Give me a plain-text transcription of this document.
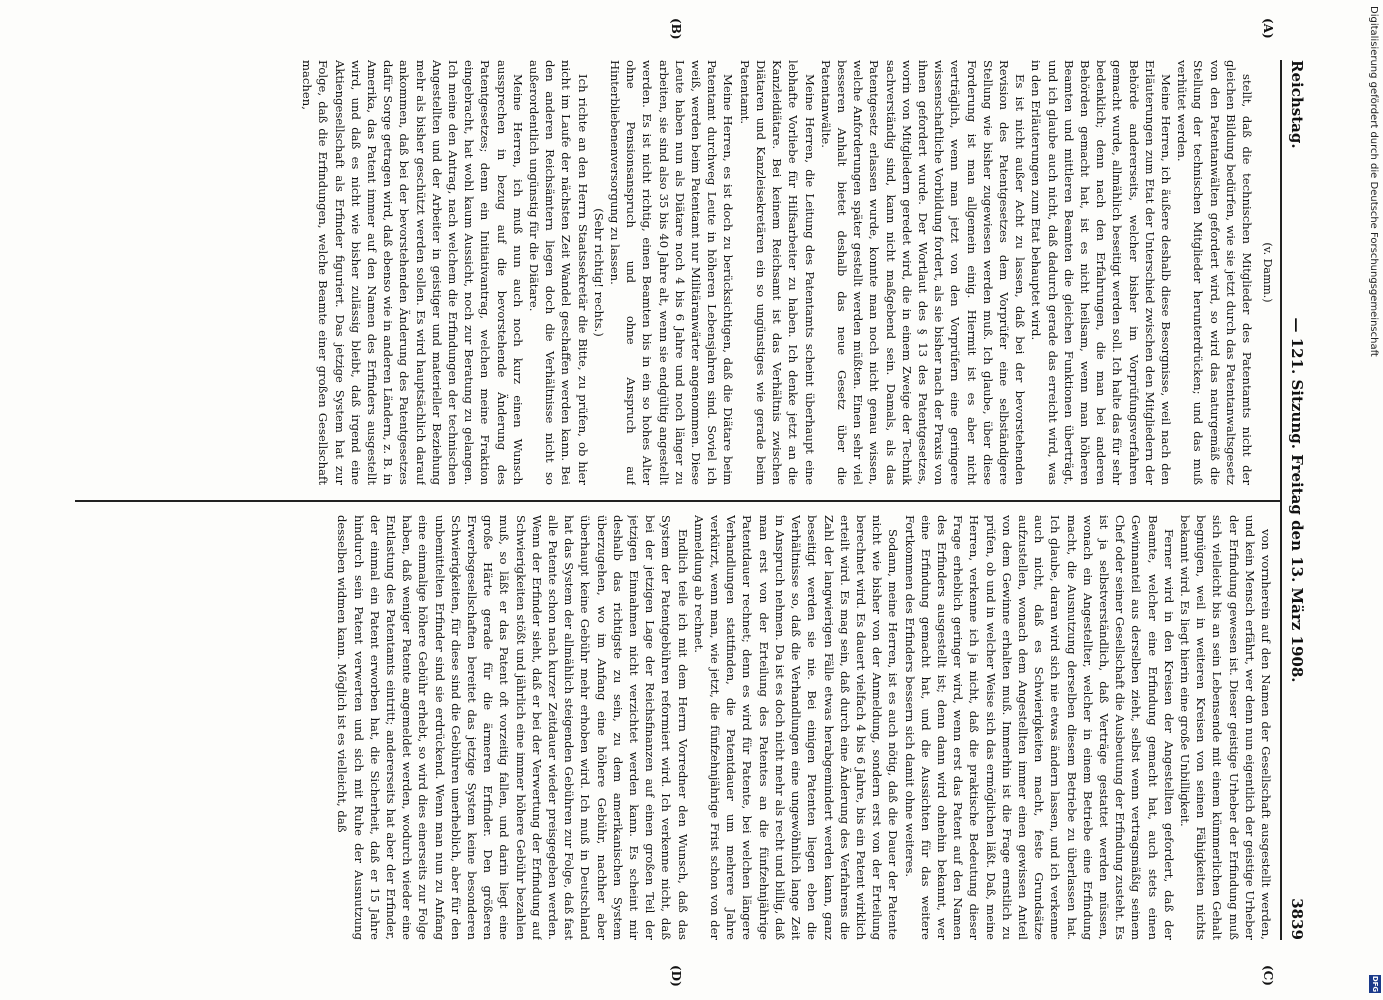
Digitalisierung gefördert durch die Deutsche Forschungsgemeinschaft
DFG
(A)
(B)
(C)
(D)
Reichstag.
— 121. Sitzung. Freitag den 13. März 1908.
3839

(v. Damm.)

stellt, daß die technischen Mitglieder des Patentamts nicht der gleichen Bildung bedürfen, wie sie jetzt durch das Patentanwaltsgesetz von den Patentanwälten gefordert wird, so wird das naturgemäß die Stellung der technischen Mitglieder herunterdrücken; und das muß verhütet werden.

Meine Herren, ich äußere deshalb diese Besorgnisse, weil nach den Erläuterungen zum Etat der Unterschied zwischen den Mitgliedern der Behörde andererseits, welcher bisher im Vorprüfungsverfahren gemacht wurde, allmählich beseitigt werden soll. Ich halte das für sehr bedenklich; denn nach den Erfahrungen, die man bei anderen Behörden gemacht hat, ist es nicht heilsam, wenn man höheren Beamten und mittleren Beamten die gleichen Funktionen überträgt, und ich glaube auch nicht, daß dadurch gerade das erreicht wird, was in den Erläuterungen zum Etat behauptet wird.

Es ist nicht außer Acht zu lassen, daß bei der bevorstehenden Revision des Patentgesetzes dem Vorprüfer eine selbständigere Stellung wie bisher zugewiesen werden muß. Ich glaube, über diese Forderung ist man allgemein einig. Hiermit ist es aber nicht verträglich, wenn man jetzt von den Vorprüfern eine geringere wissenschaftliche Vorbildung fordert, als sie bisher nach der Praxis von ihnen gefordert wurde. Der Wortlaut des § 13 des Patentgesetzes, worin von Mitgliedern geredet wird, die in einem Zweige der Technik sachverständig sind, kann nicht maßgebend sein. Damals, als das Patentgesetz erlassen wurde, konnte man noch nicht genau wissen, welche Anforderungen später gestellt werden müßten. Einen sehr viel besseren Anhalt bietet deshalb das neue Gesetz über die Patentanwälte.

Meine Herren, die Leitung des Patentamts scheint überhaupt eine lebhafte Vorliebe für Hilfsarbeiter zu haben. Ich denke jetzt an die Kanzleidiätare. Bei keinem Reichsamt ist das Verhältnis zwischen Diätaren und Kanzleisekretären ein so ungünstiges wie gerade beim Patentamt.

Meine Herren, es ist doch zu berücksichtigen, daß die Diätare beim Patentamt durchweg Leute in höheren Lebensjahren sind. Soviel ich weiß, werden beim Patentamt nur Militäranwärter angenommen. Diese Leute haben nun als Diätare noch 4 bis 6 Jahre und noch länger zu arbeiten, sie sind also 35 bis 40 Jahre alt, wenn sie endgültig angestellt werden. Es ist nicht richtig, einen Beamten bis in ein so hohes Alter ohne Pensionsanspruch und ohne Anspruch auf Hinterbliebenenversorgung zu lassen.

(Sehr richtig! rechts.)

Ich richte an den Herrn Staatssekretär die Bitte, zu prüfen, ob hier nicht im Laufe der nächsten Zeit Wandel geschaffen werden kann. Bei den anderen Reichsämtern liegen doch die Verhältnisse nicht so außerordentlich ungünstig für die Diätare.

Meine Herren, ich muß nun auch noch kurz einen Wunsch aussprechen in bezug auf die bevorstehende Änderung des Patentgesetzes; denn ein Initiativantrag, welchen meine Fraktion eingebracht, hat wohl kaum Aussicht, noch zur Beratung zu gelangen. Ich meine den Antrag, nach welchem die Erfindungen der technischen Angestellten und der Arbeiter in geistiger und materieller Beziehung mehr als bisher geschützt werden sollen. Es wird hauptsächlich darauf ankommen, daß bei der bevorstehenden Änderung des Patentgesetzes dafür Sorge getragen wird, daß ebenso wie in anderen Ländern, z. B. in Amerika, das Patent immer auf den Namen des Erfinders ausgestellt wird, und daß es nicht wie bisher zulässig bleibt, daß irgend eine Aktiengesellschaft als Erfinder figuriert. Das jetzige System hat zur Folge, daß die Erfindungen, welche Beamte einer großen Gesellschaft machen,

von vornherein auf den Namen der Gesellschaft ausgestellt werden, und kein Mensch erfährt, wer denn nun eigentlich der geistige Urheber der Erfindung gewesen ist. Dieser geistige Urheber der Erfindung muß sich vielleicht bis an sein Lebensende mit einem kümmerlichen Gehalt begnügen, weil in weiteren Kreisen von seinen Fähigkeiten nichts bekannt wird. Es liegt hierin eine große Unbilligkeit.

Ferner wird in den Kreisen der Angestellten gefordert, daß der Beamte, welcher eine Erfindung gemacht hat, auch stets einen Gewinnanteil aus derselben zieht, selbst wenn vertragsmäßig seinem Chef oder seiner Gesellschaft die Ausbeutung der Erfindung zusteht. Es ist ja selbstverständlich, daß Verträge gestattet werden müssen, wonach ein Angestellter, welcher in einem Betriebe eine Erfindung macht, die Ausnutzung derselben diesem Betriebe zu überlassen hat. Ich glaube, daran wird sich nie etwas ändern lassen, und ich verkenne auch nicht, daß es Schwierigkeiten macht, feste Grundsätze aufzustellen, wonach dem Angestellten immer einen gewissen Anteil von dem Gewinne erhalten muß. Immerhin ist die Frage ernstlich zu prüfen, ob und in welcher Weise sich das ermöglichen läßt. Daß, meine Herren, verkenne ich ja nicht, daß die praktische Bedeutung dieser Frage erheblich geringer wird, wenn erst das Patent auf den Namen des Erfinders ausgestellt ist; denn dann wird ohnehin bekannt, wer eine Erfindung gemacht hat, und die Aussichten für das weitere Fortkommen des Erfinders bessern sich damit ohne weiteres.

Sodann, meine Herren, ist es auch nötig, daß die Dauer der Patente nicht wie bisher von der Anmeldung, sondern erst von der Erteilung berechnet wird. Es dauert vielfach 4 bis 6 Jahre, bis ein Patent wirklich erteilt wird. Es mag sein, daß durch eine Änderung des Verfahrens die Zahl der langwierigen Fälle etwas herabgemindert werden kann, ganz beseitigt werden sie nie. Bei einigen Patenten liegen eben die Verhältnisse so, daß die Verhandlungen eine ungewöhnlich lange Zeit in Anspruch nehmen. Da ist es doch nicht mehr als recht und billig, daß man erst von der Erteilung des Patentes an die fünfzehnjährige Patentdauer rechnet; denn es wird für Patente, bei welchen längere Verhandlungen stattfinden, die Patentdauer um mehrere Jahre verkürzt, wenn man, wie jetzt, die fünfzehnjährige Frist schon von der Anmeldung ab rechnet.

Endlich teile ich mit dem Herrn Vorredner den Wunsch, daß das System der Patentgebühren reformiert wird. Ich verkenne nicht, daß bei der jetzigen Lage der Reichsfinanzen auf einen großen Teil der jetzigen Einnahmen nicht verzichtet werden kann. Es scheint mir deshalb das richtigste zu sein, zu dem amerikanischen System überzugehen, wo im Anfang eine höhere Gebühr, nachher aber überhaupt keine Gebühr mehr erhoben wird. Ich muß in Deutschland hat das System der allmählich steigenden Gebühren zur Folge, daß fast alle Patente schon nach kurzer Zeitdauer wieder preisgegeben werden. Wenn der Erfinder sieht, daß er bei der Verwertung der Erfindung auf Schwierigkeiten stößt und jährlich eine immer höhere Gebühr bezahlen muß, so läßt er das Patent oft vorzeitig fallen, und darin liegt eine große Härte gerade für die ärmeren Erfinder. Den größeren Erwerbsgesellschaften bereitet das jetzige System keine besonderen Schwierigkeiten, für diese sind die Gebühren unerheblich, aber für den unbemittelten Erfinder sind sie erdrückend. Wenn man nun zu Anfang eine einmalige höhere Gebühr erhebt, so wird dies einerseits zur Folge haben, daß weniger Patente angemeldet werden, wodurch wieder eine Entlastung des Patentamts eintritt; andererseits hat aber der Erfinder, der einmal ein Patent erworben hat, die Sicherheit, daß er 15 Jahre hindurch sein Patent verwerten und sich mit Ruhe der Ausnutzung desselben widmen kann. Möglich ist es vielleicht, daß
